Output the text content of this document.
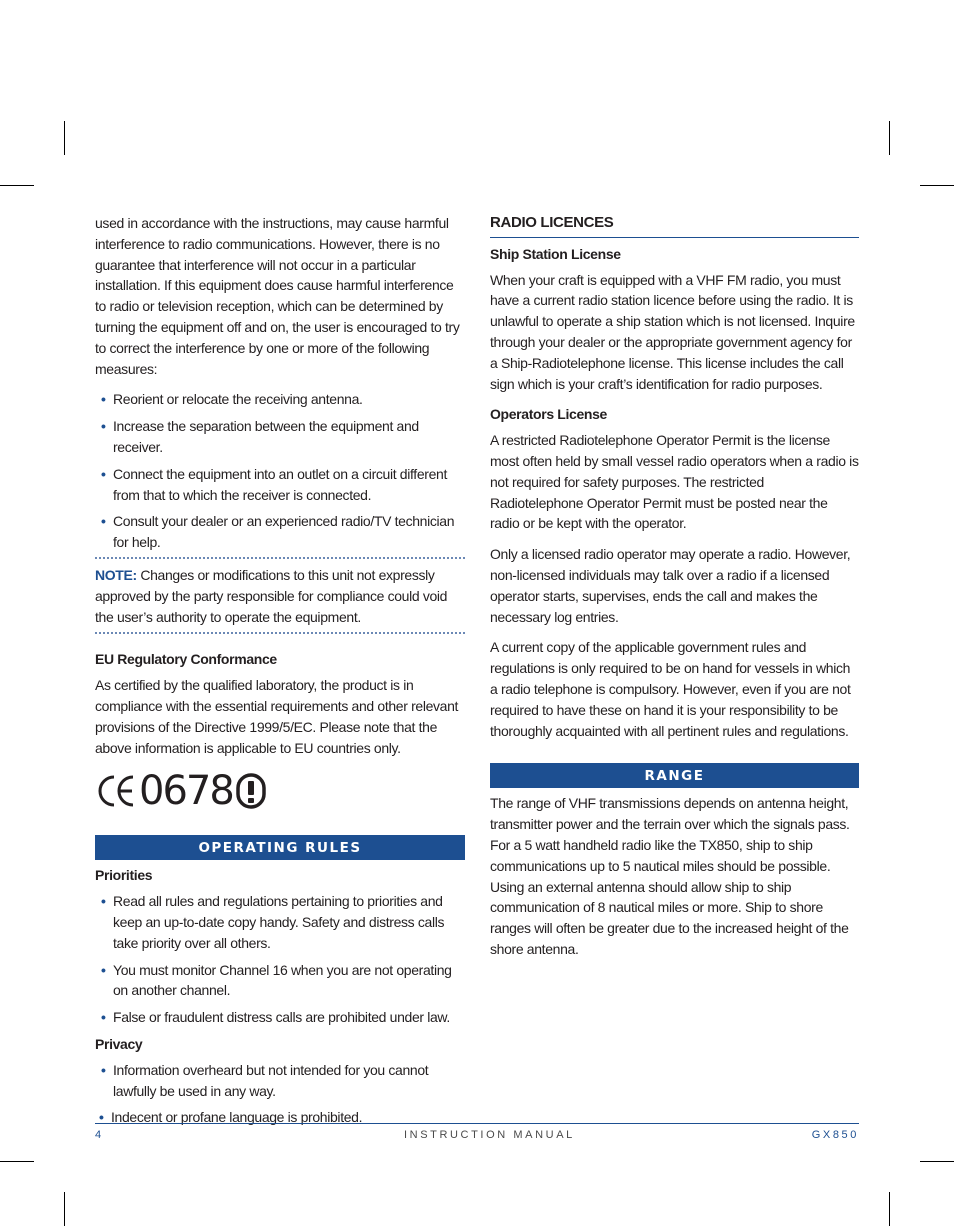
used in accordance with the instructions, may cause harmful interference to radio communications. However, there is no guarantee that interference will not occur in a particular installation. If this equipment does cause harmful interference to radio or television reception, which can be determined by turning the equipment off and on, the user is encouraged to try to correct the interference by one or more of the following measures:

• Reorient or relocate the receiving antenna.
• Increase the separation between the equipment and receiver.
• Connect the equipment into an outlet on a circuit different from that to which the receiver is connected.
• Consult your dealer or an experienced radio/TV technician for help.

NOTE: Changes or modifications to this unit not expressly approved by the party responsible for compliance could void the user’s authority to operate the equipment.

EU Regulatory Conformance

As certified by the qualified laboratory, the product is in compliance with the essential requirements and other relevant provisions of the Directive 1999/5/EC. Please note that the above information is applicable to EU countries only.

0678
OPERATING RULES
Priorities
• Read all rules and regulations pertaining to priorities and keep an up-to-date copy handy. Safety and distress calls take priority over all others.
• You must monitor Channel 16 when you are not operating on another channel.
• False or fraudulent distress calls are prohibited under law.
Privacy
• Information overheard but not intended for you cannot lawfully be used in any way.
• Indecent or profane language is prohibited.
RADIO LICENCES
Ship Station License

When your craft is equipped with a VHF FM radio, you must have a current radio station licence before using the radio. It is unlawful to operate a ship station which is not licensed. Inquire through your dealer or the appropriate government agency for a Ship-Radiotelephone license. This license includes the call sign which is your craft’s identification for radio purposes.

Operators License

A restricted Radiotelephone Operator Permit is the license most often held by small vessel radio operators when a radio is not required for safety purposes. The restricted Radiotelephone Operator Permit must be posted near the radio or be kept with the operator.

Only a licensed radio operator may operate a radio. However, non-licensed individuals may talk over a radio if a licensed operator starts, supervises, ends the call and makes the necessary log entries.

A current copy of the applicable government rules and regulations is only required to be on hand for vessels in which a radio telephone is compulsory. However, even if you are not required to have these on hand it is your responsibility to be thoroughly acquainted with all pertinent rules and regulations.

RANGE

The range of VHF transmissions depends on antenna height, transmitter power and the terrain over which the signals pass. For a 5 watt handheld radio like the TX850, ship to ship communications up to 5 nautical miles should be possible. Using an external antenna should allow ship to ship communication of 8 nautical miles or more. Ship to shore ranges will often be greater due to the increased height of the shore antenna.

4	INSTRUCTION MANUAL	GX850
